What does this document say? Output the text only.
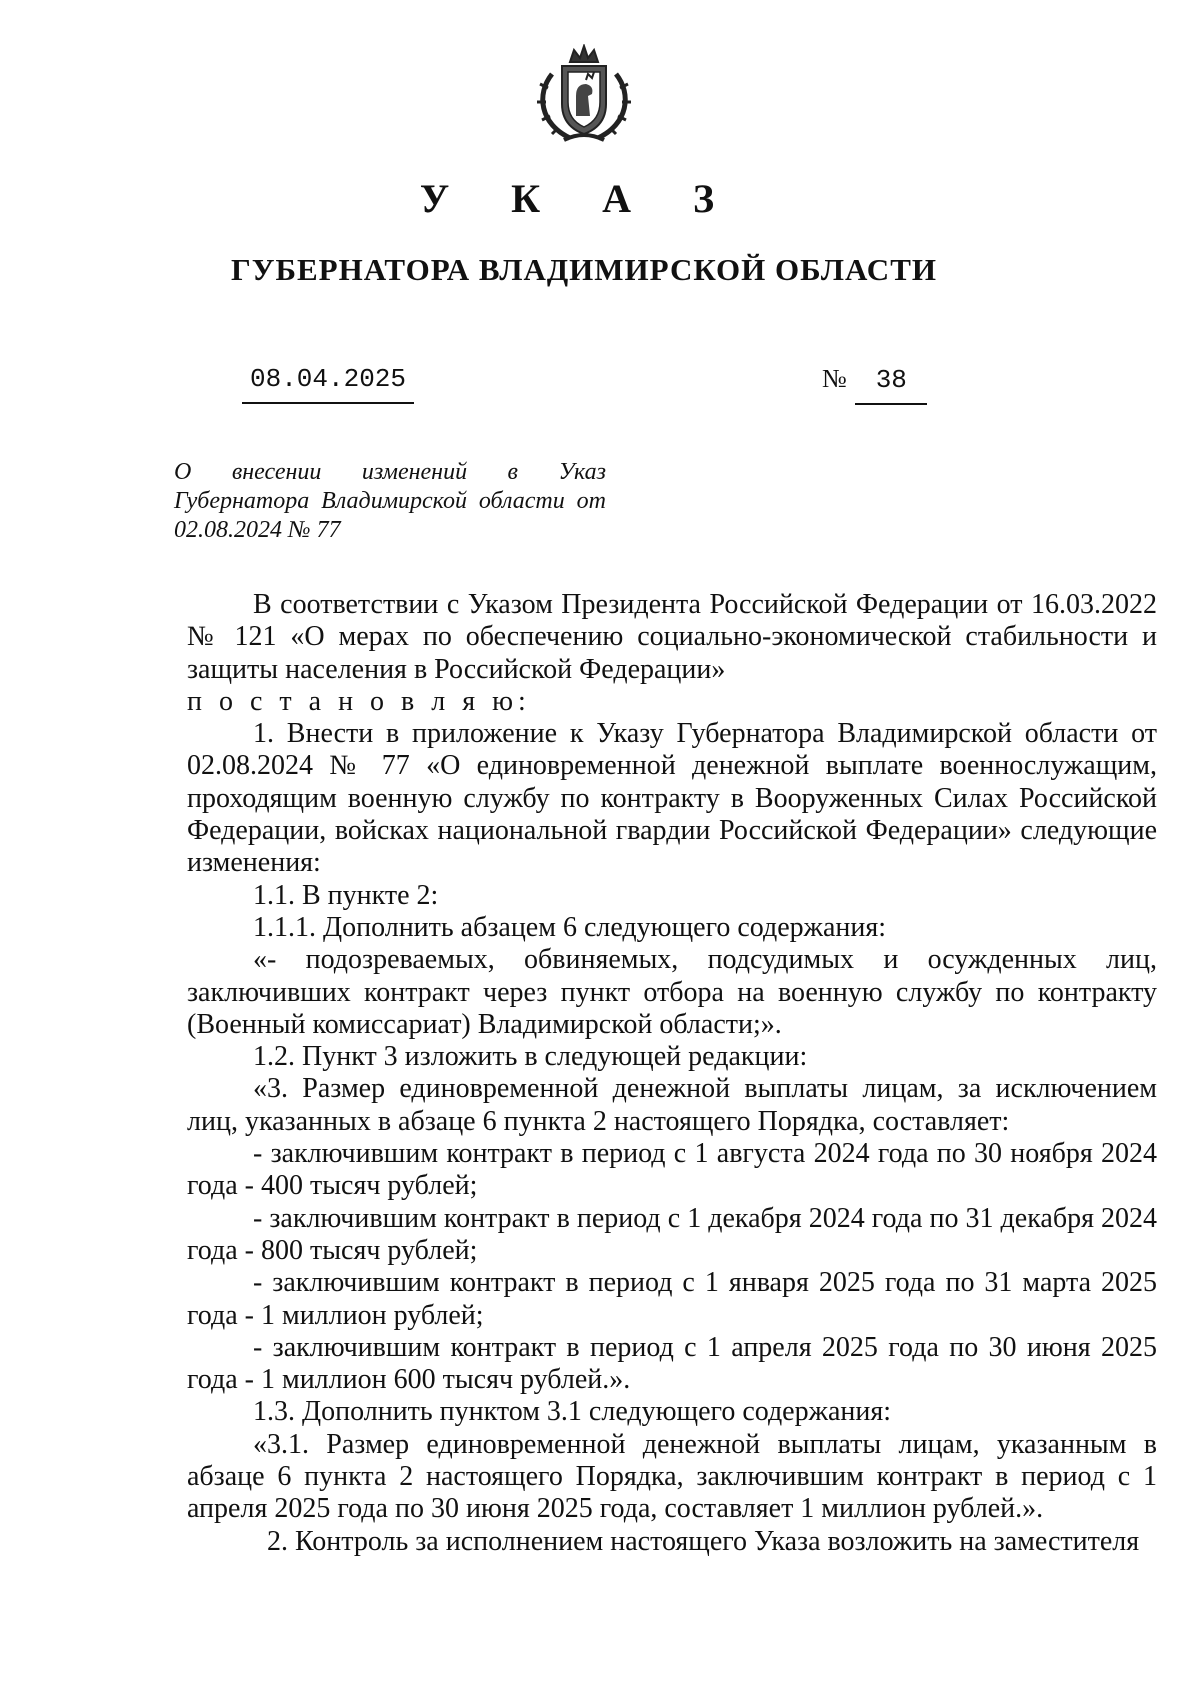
У К А З
ГУБЕРНАТОРА ВЛАДИМИРСКОЙ ОБЛАСТИ
08.04.2025	№ 38
О внесении изменений в Указ
Губернатора Владимирской области от
02.08.2024 № 77

В соответствии с Указом Президента Российской Федерации от 16.03.2022 № 121 «О мерах по обеспечению социально-экономической стабильности и защиты населения в Российской Федерации»

п о с т а н о в л я ю:

1. Внести в приложение к Указу Губернатора Владимирской области от 02.08.2024 № 77 «О единовременной денежной выплате военнослужащим, проходящим военную службу по контракту в Вооруженных Силах Российской Федерации, войсках национальной гвардии Российской Федерации» следующие изменения:

1.1. В пункте 2:

1.1.1. Дополнить абзацем 6 следующего содержания:

«- подозреваемых, обвиняемых, подсудимых и осужденных лиц, заключивших контракт через пункт отбора на военную службу по контракту (Военный комиссариат) Владимирской области;».

1.2. Пункт 3 изложить в следующей редакции:

«3. Размер единовременной денежной выплаты лицам, за исключением лиц, указанных в абзаце 6 пункта 2 настоящего Порядка, составляет:

- заключившим контракт в период с 1 августа 2024 года по 30 ноября 2024 года - 400 тысяч рублей;

- заключившим контракт в период с 1 декабря 2024 года по 31 декабря 2024 года - 800 тысяч рублей;

- заключившим контракт в период с 1 января 2025 года по 31 марта 2025 года - 1 миллион рублей;

- заключившим контракт в период с 1 апреля 2025 года по 30 июня 2025 года - 1 миллион 600 тысяч рублей.».

1.3. Дополнить пунктом 3.1 следующего содержания:

«3.1. Размер единовременной денежной выплаты лицам, указанным в абзаце 6 пункта 2 настоящего Порядка, заключившим контракт в период с 1 апреля 2025 года по 30 июня 2025 года, составляет 1 миллион рублей.».

2. Контроль за исполнением настоящего Указа возложить на заместителя
